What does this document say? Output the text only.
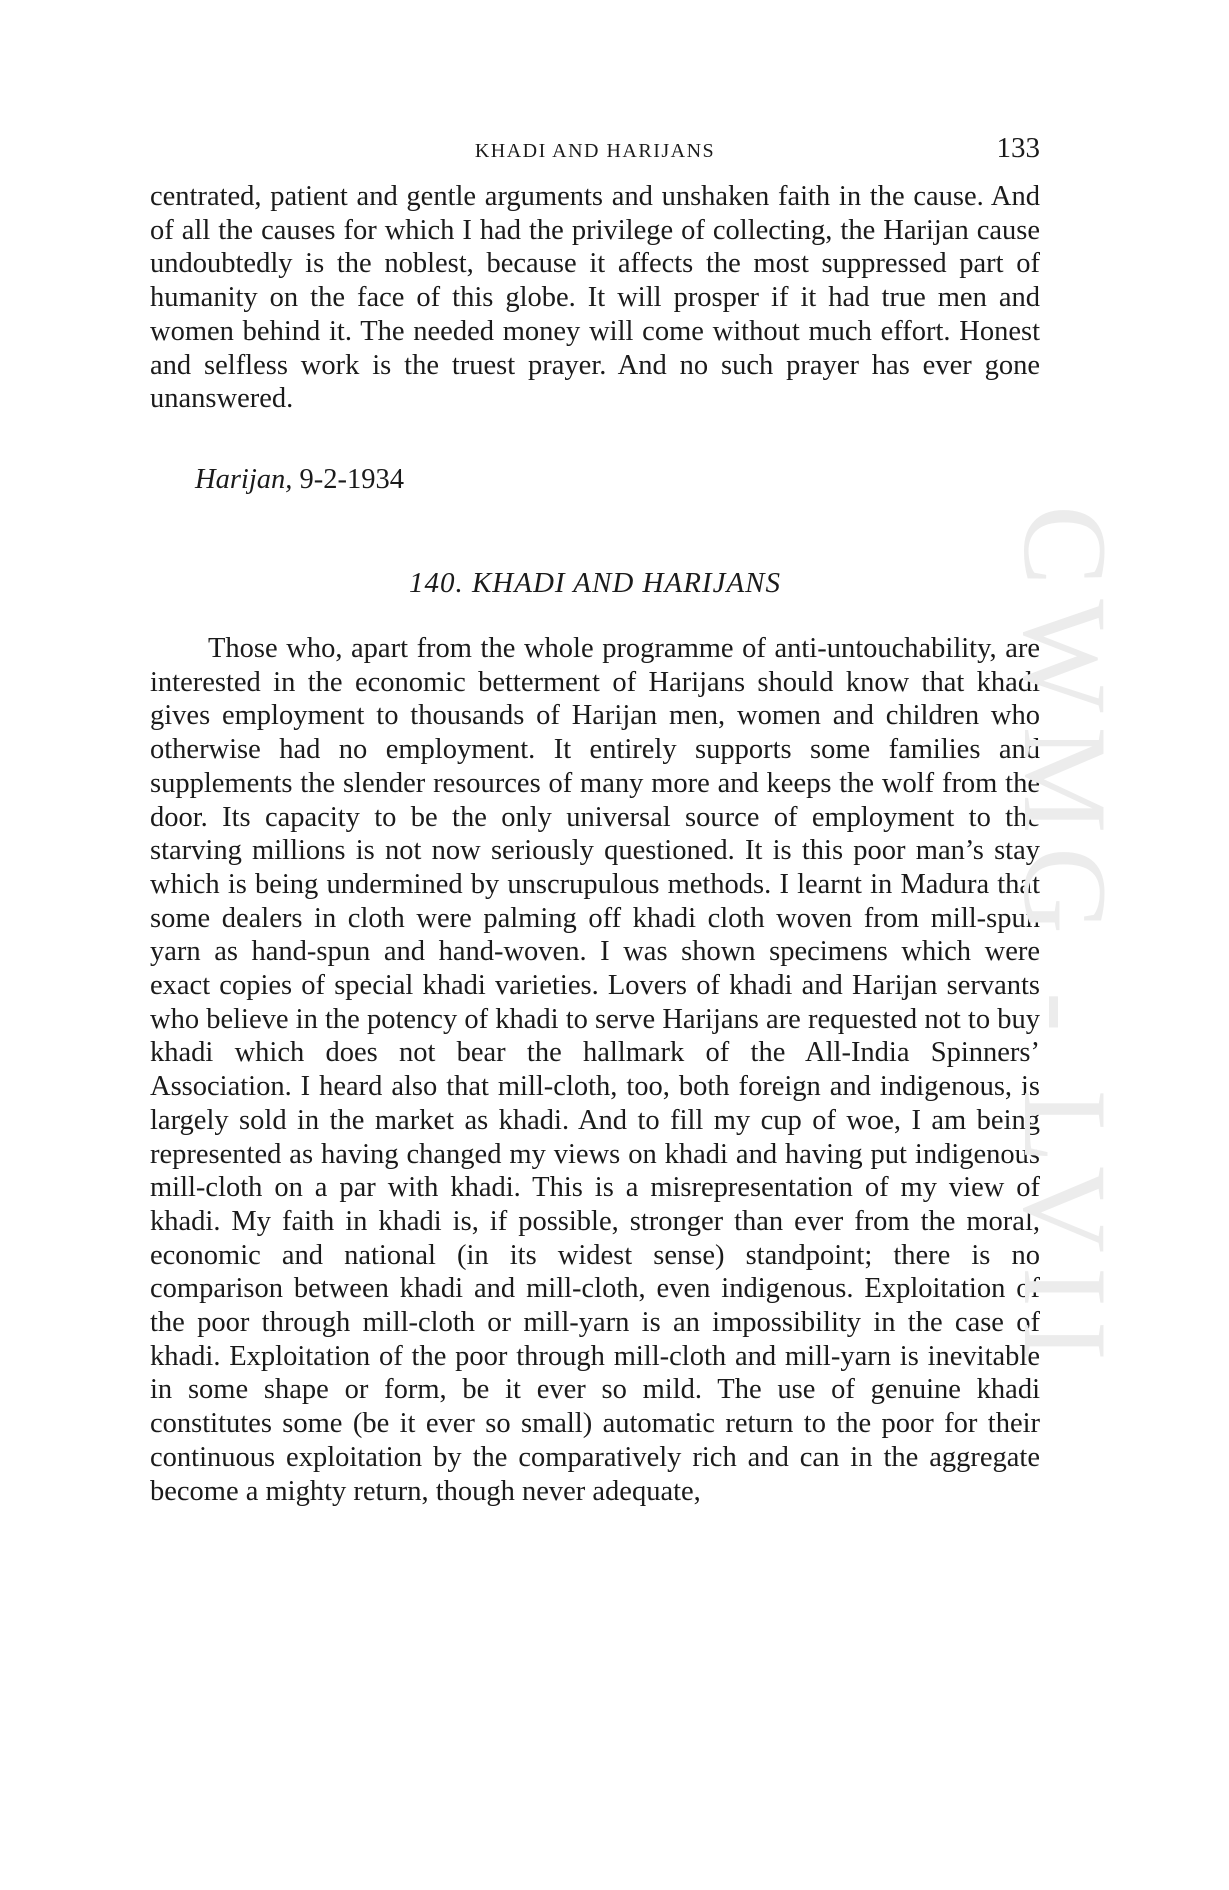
KHADI AND HARIJANS	133

centrated, patient and gentle arguments and unshaken faith in the cause. And of all the causes for which I had the privilege of collecting, the Harijan cause undoubtedly is the noblest, because it affects the most suppressed part of humanity on the face of this globe. It will prosper if it had true men and women behind it. The needed money will come without much effort. Honest and selfless work is the truest prayer. And no such prayer has ever gone unanswered.

Harijan, 9-2-1934
140. KHADI AND HARIJANS

Those who, apart from the whole programme of anti-untouchability, are interested in the economic betterment of Harijans should know that khadi gives employment to thousands of Harijan men, women and children who otherwise had no employment. It entirely supports some families and supplements the slender resources of many more and keeps the wolf from the door. Its capacity to be the only universal source of employment to the starving millions is not now seriously questioned. It is this poor man’s stay which is being undermined by unscrupulous methods. I learnt in Madura that some dealers in cloth were palming off khadi cloth woven from mill-spun yarn as hand-spun and hand-woven. I was shown specimens which were exact copies of special khadi varieties. Lovers of khadi and Harijan servants who believe in the potency of khadi to serve Harijans are requested not to buy khadi which does not bear the hallmark of the All-India Spinners’ Association. I heard also that mill-cloth, too, both foreign and indigenous, is largely sold in the market as khadi. And to fill my cup of woe, I am being represented as having changed my views on khadi and having put indigenous mill-cloth on a par with khadi. This is a misrepresentation of my view of khadi. My faith in khadi is, if possible, stronger than ever from the moral, economic and national (in its widest sense) standpoint; there is no comparison between khadi and mill-cloth, even indigenous. Exploitation of the poor through mill-cloth or mill-yarn is an impossibility in the case of khadi. Exploitation of the poor through mill-cloth and mill-yarn is inevitable in some shape or form, be it ever so mild. The use of genuine khadi constitutes some (be it ever so small) automatic return to the poor for their continuous exploitation by the comparatively rich and can in the aggregate become a mighty return, though never adequate,

CWMG - LVII
